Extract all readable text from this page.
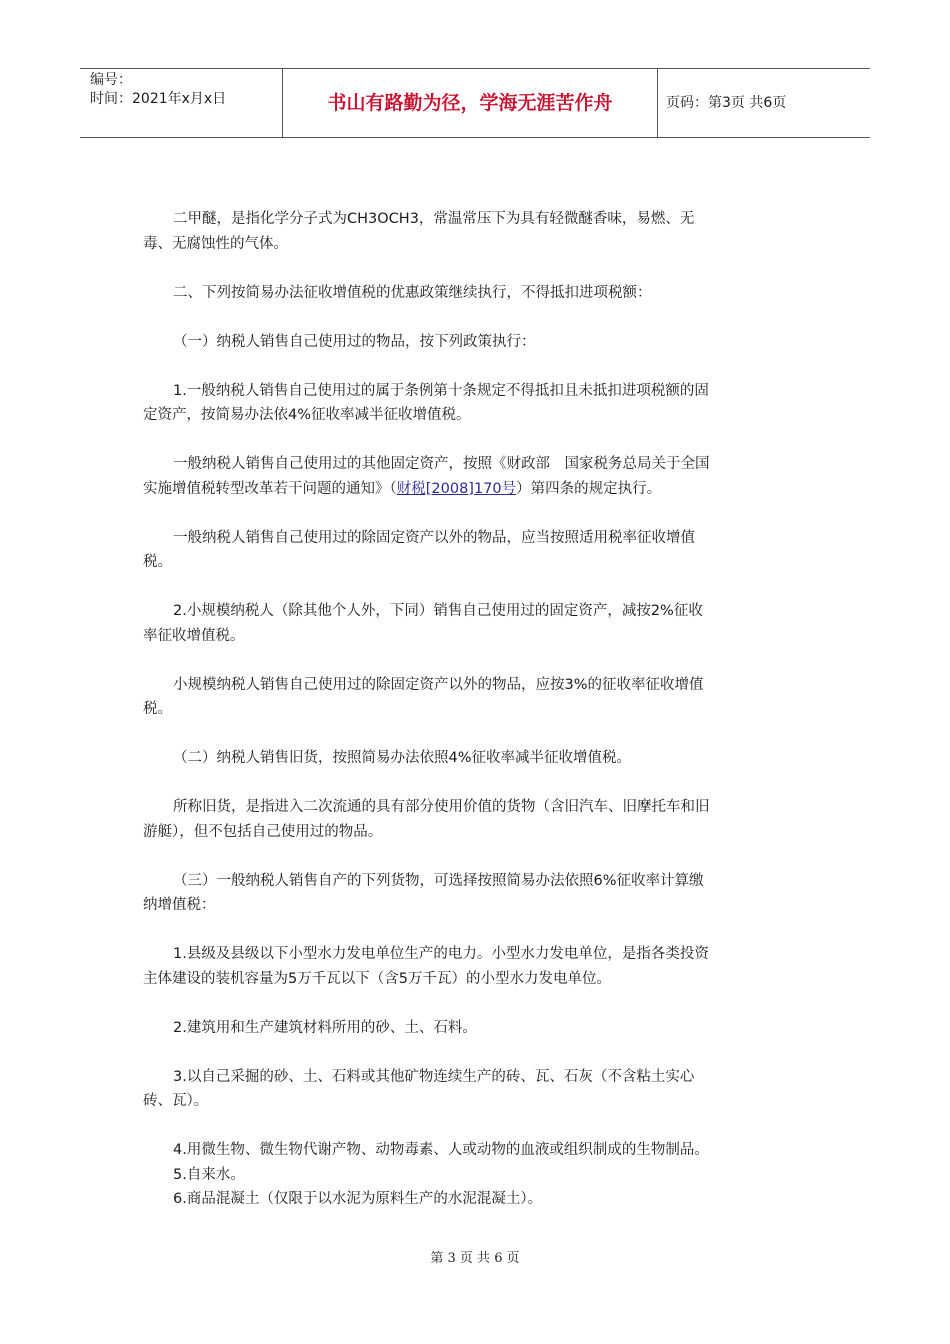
编号：
时间：2021年x月x日	书山有路勤为径，学海无涯苦作舟	页码：第3页 共6页

二甲醚，是指化学分子式为CH3OCH3，常温常压下为具有轻微醚香味，易燃、无
毒、无腐蚀性的气体。

二、下列按简易办法征收增值税的优惠政策继续执行，不得抵扣进项税额：

（一）纳税人销售自己使用过的物品，按下列政策执行：

1.一般纳税人销售自己使用过的属于条例第十条规定不得抵扣且未抵扣进项税额的固
定资产，按简易办法依4%征收率减半征收增值税。

一般纳税人销售自己使用过的其他固定资产，按照《财政部　国家税务总局关于全国
实施增值税转型改革若干问题的通知》（财税[2008]170号）第四条的规定执行。

一般纳税人销售自己使用过的除固定资产以外的物品，应当按照适用税率征收增值
税。

2.小规模纳税人（除其他个人外，下同）销售自己使用过的固定资产，减按2%征收
率征收增值税。

小规模纳税人销售自己使用过的除固定资产以外的物品，应按3%的征收率征收增值
税。

（二）纳税人销售旧货，按照简易办法依照4%征收率减半征收增值税。

所称旧货，是指进入二次流通的具有部分使用价值的货物（含旧汽车、旧摩托车和旧
游艇），但不包括自己使用过的物品。

（三）一般纳税人销售自产的下列货物，可选择按照简易办法依照6%征收率计算缴
纳增值税：

1.县级及县级以下小型水力发电单位生产的电力。小型水力发电单位，是指各类投资
主体建设的装机容量为5万千瓦以下（含5万千瓦）的小型水力发电单位。

2.建筑用和生产建筑材料所用的砂、土、石料。

3.以自己采掘的砂、土、石料或其他矿物连续生产的砖、瓦、石灰（不含粘土实心
砖、瓦）。

4.用微生物、微生物代谢产物、动物毒素、人或动物的血液或组织制成的生物制品。

5.自来水。

6.商品混凝土（仅限于以水泥为原料生产的水泥混凝土）。

第 3 页 共 6 页
